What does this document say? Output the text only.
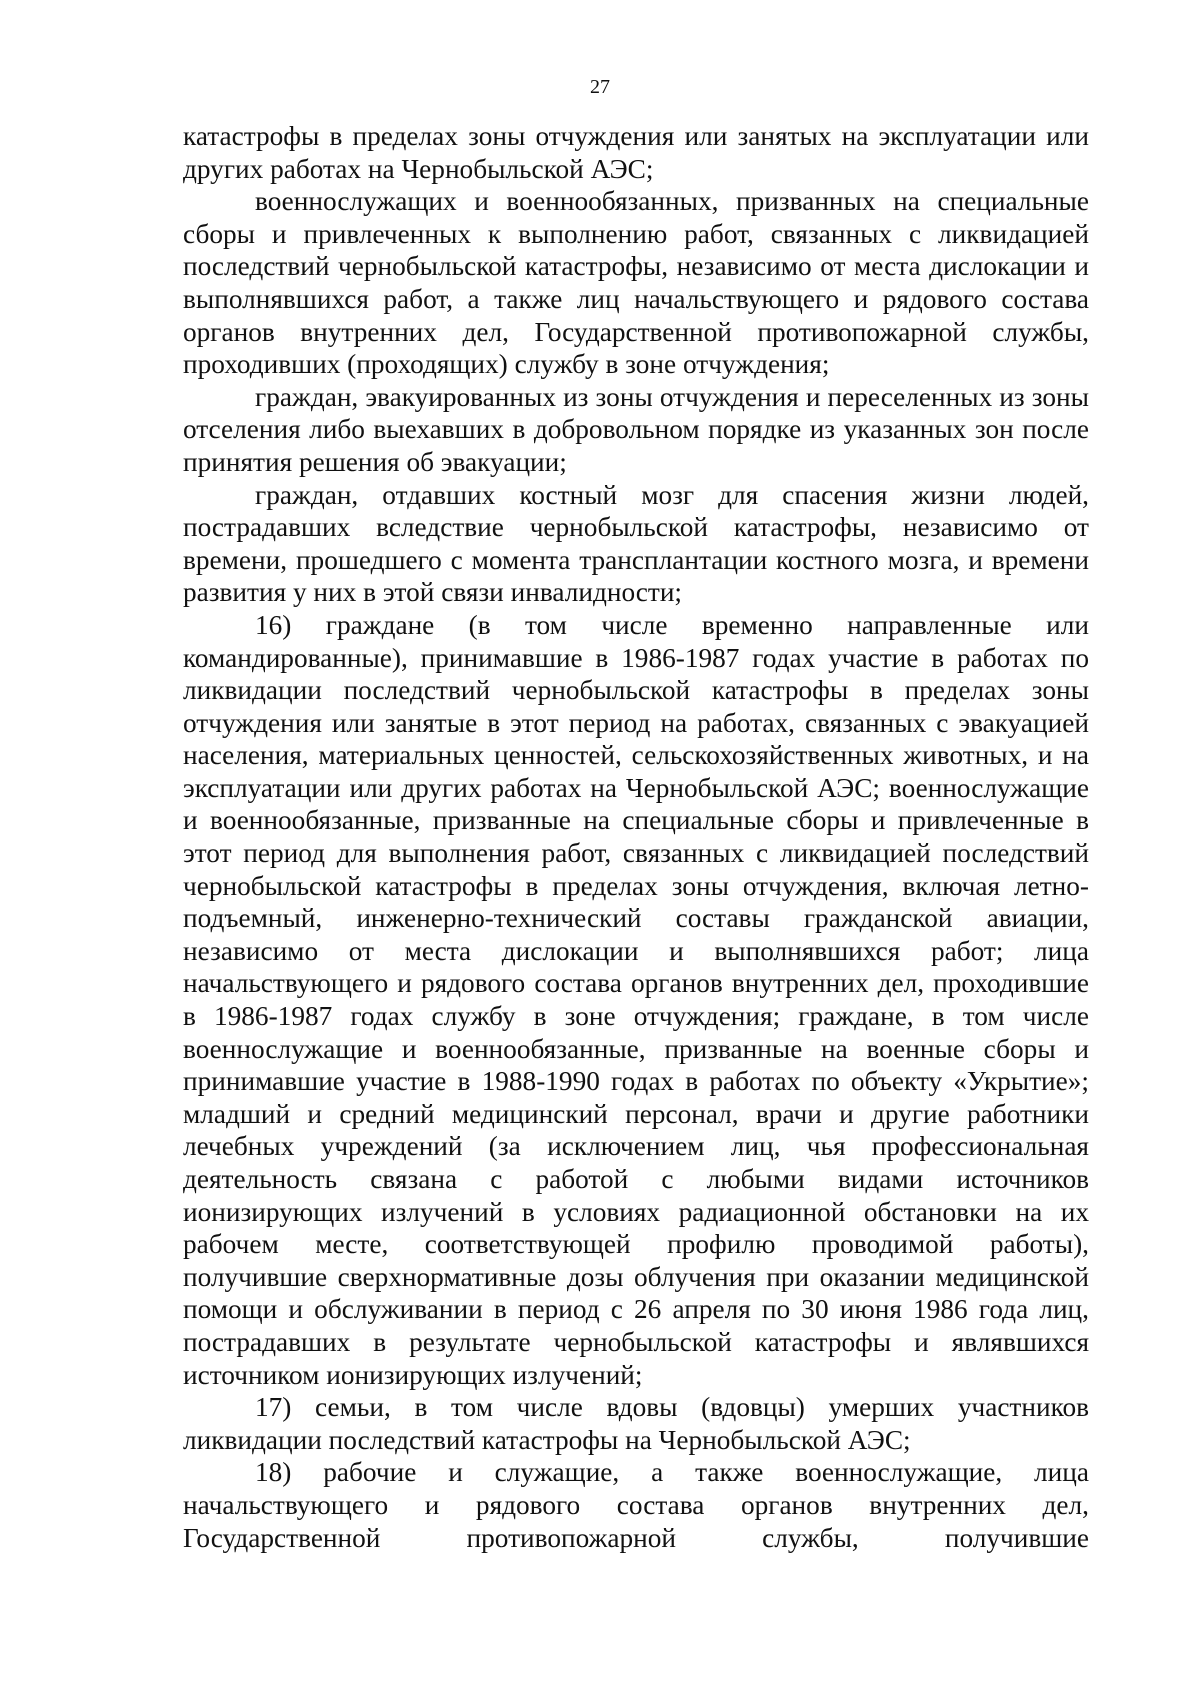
27

катастрофы в пределах зоны отчуждения или занятых на эксплуатации или других работах на Чернобыльской АЭС;

военнослужащих и военнообязанных, призванных на специальные сборы и привлеченных к выполнению работ, связанных с ликвидацией последствий чернобыльской катастрофы, независимо от места дислокации и выполнявшихся работ, а также лиц начальствующего и рядового состава органов внутренних дел, Государственной противопожарной службы, проходивших (проходящих) службу в зоне отчуждения;

граждан, эвакуированных из зоны отчуждения и переселенных из зоны отселения либо выехавших в добровольном порядке из указанных зон после принятия решения об эвакуации;

граждан, отдавших костный мозг для спасения жизни людей, пострадавших вследствие чернобыльской катастрофы, независимо от времени, прошедшего с момента трансплантации костного мозга, и времени развития у них в этой связи инвалидности;

16) граждане (в том числе временно направленные или командированные), принимавшие в 1986-1987 годах участие в работах по ликвидации последствий чернобыльской катастрофы в пределах зоны отчуждения или занятые в этот период на работах, связанных с эвакуацией населения, материальных ценностей, сельскохозяйственных животных, и на эксплуатации или других работах на Чернобыльской АЭС; военнослужащие и военнообязанные, призванные на специальные сборы и привлеченные в этот период для выполнения работ, связанных с ликвидацией последствий чернобыльской катастрофы в пределах зоны отчуждения, включая летно-подъемный, инженерно-технический составы гражданской авиации, независимо от места дислокации и выполнявшихся работ; лица начальствующего и рядового состава органов внутренних дел, проходившие в 1986-1987 годах службу в зоне отчуждения; граждане, в том числе военнослужащие и военнообязанные, призванные на военные сборы и принимавшие участие в 1988-1990 годах в работах по объекту «Укрытие»; младший и средний медицинский персонал, врачи и другие работники лечебных учреждений (за исключением лиц, чья профессиональная деятельность связана с работой с любыми видами источников ионизирующих излучений в условиях радиационной обстановки на их рабочем месте, соответствующей профилю проводимой работы), получившие сверхнормативные дозы облучения при оказании медицинской помощи и обслуживании в период с 26 апреля по 30 июня 1986 года лиц, пострадавших в результате чернобыльской катастрофы и являвшихся источником ионизирующих излучений;

17) семьи, в том числе вдовы (вдовцы) умерших участников ликвидации последствий катастрофы на Чернобыльской АЭС;

18) рабочие и служащие, а также военнослужащие, лица начальствующего и рядового состава органов внутренних дел, Государственной противопожарной службы, получившие
